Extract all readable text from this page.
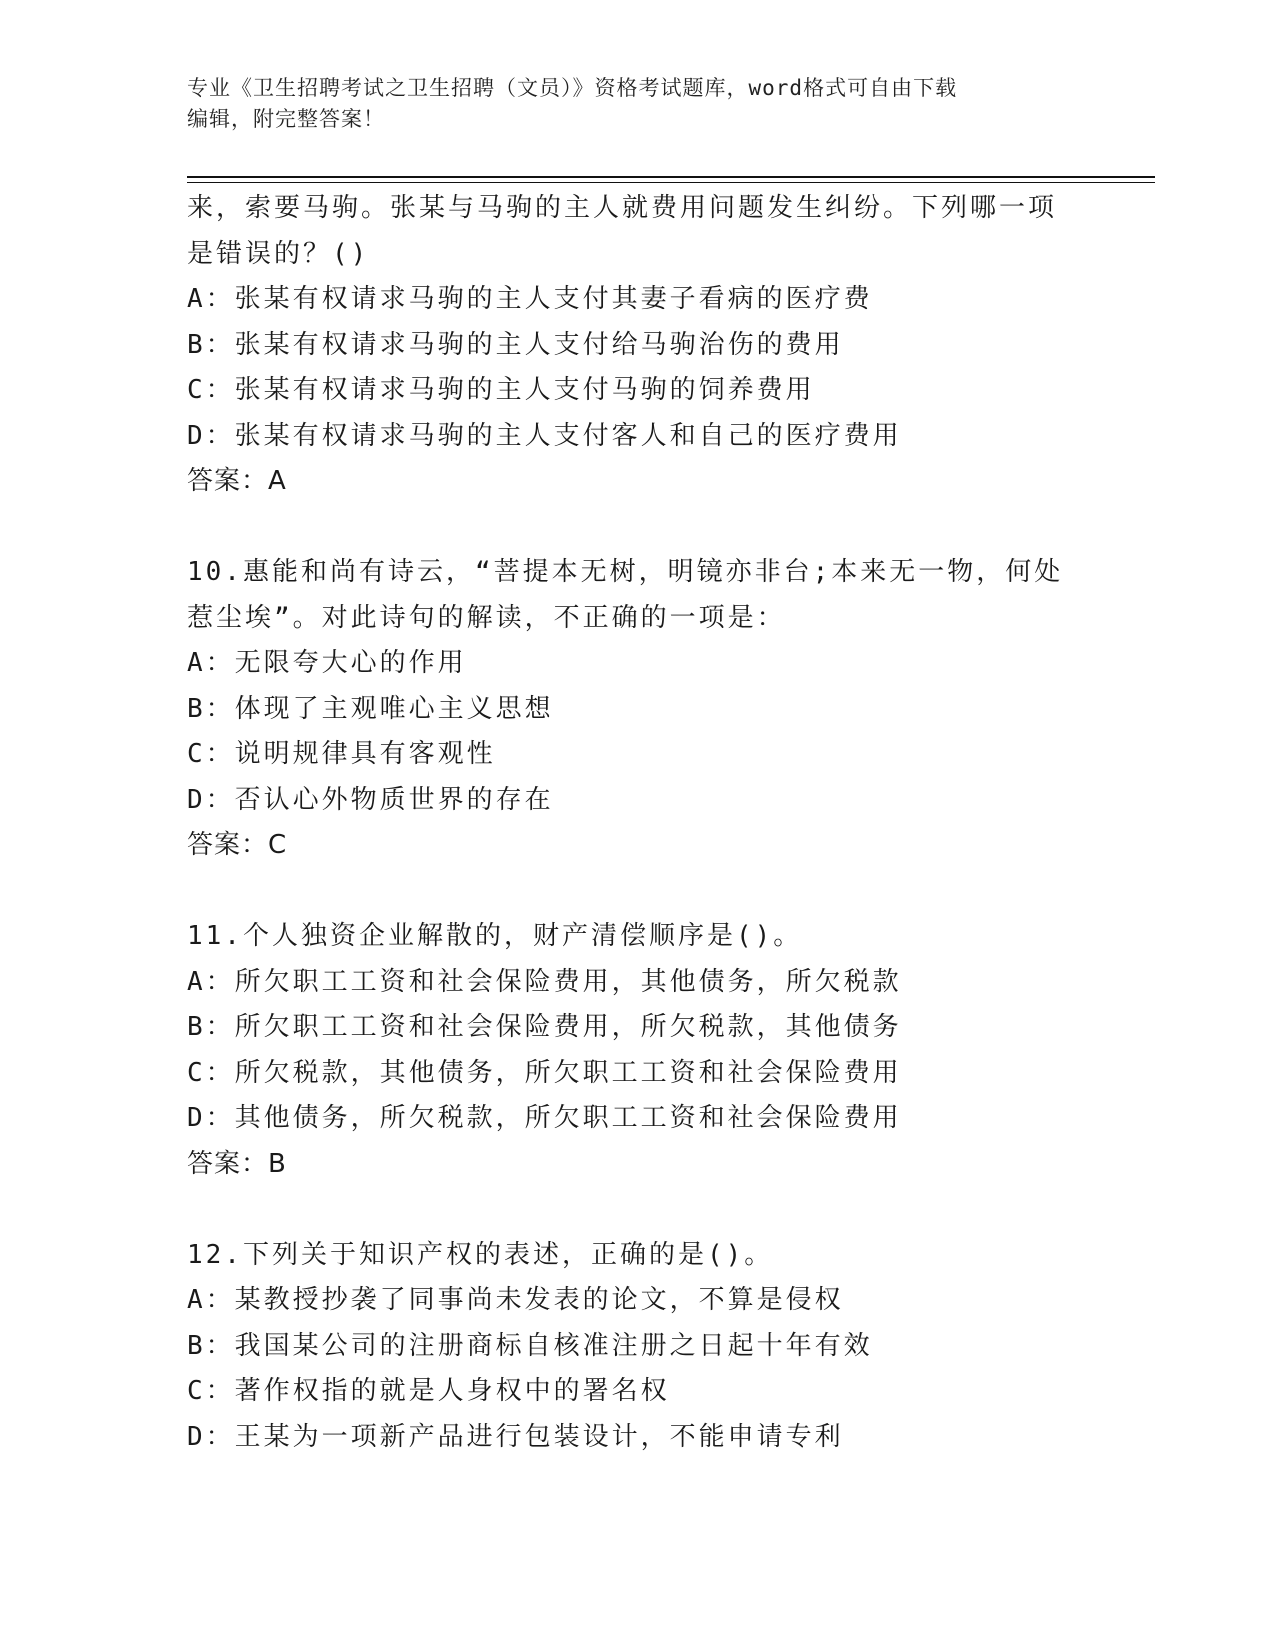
专业《卫生招聘考试之卫生招聘（文员）》资格考试题库，word格式可自由下载
编辑，附完整答案！
来，索要马驹。张某与马驹的主人就费用问题发生纠纷。下列哪一项
是错误的？()
A：张某有权请求马驹的主人支付其妻子看病的医疗费
B：张某有权请求马驹的主人支付给马驹治伤的费用
C：张某有权请求马驹的主人支付马驹的饲养费用
D：张某有权请求马驹的主人支付客人和自己的医疗费用
答案：A
10.惠能和尚有诗云，“菩提本无树，明镜亦非台;本来无一物，何处
惹尘埃”。对此诗句的解读，不正确的一项是：
A：无限夸大心的作用
B：体现了主观唯心主义思想
C：说明规律具有客观性
D：否认心外物质世界的存在
答案：C
11.个人独资企业解散的，财产清偿顺序是()。
A：所欠职工工资和社会保险费用，其他债务，所欠税款
B：所欠职工工资和社会保险费用，所欠税款，其他债务
C：所欠税款，其他债务，所欠职工工资和社会保险费用
D：其他债务，所欠税款，所欠职工工资和社会保险费用
答案：B
12.下列关于知识产权的表述，正确的是()。
A：某教授抄袭了同事尚未发表的论文，不算是侵权
B：我国某公司的注册商标自核准注册之日起十年有效
C：著作权指的就是人身权中的署名权
D：王某为一项新产品进行包装设计，不能申请专利
